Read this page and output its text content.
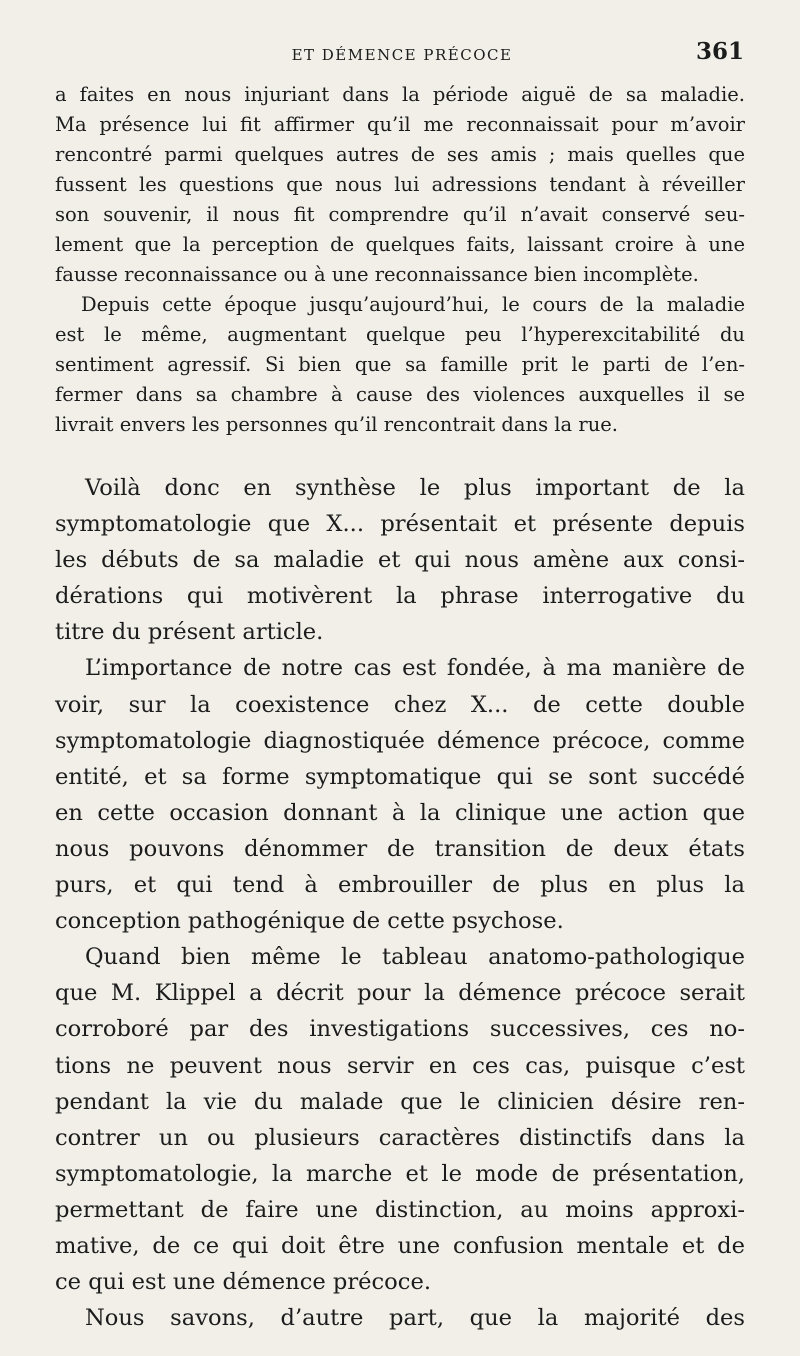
ET DÉMENCE PRÉCOCE	361

a faites en nous injuriant dans la période aiguë de sa maladie.

Ma présence lui fit affirmer qu’il me reconnaissait pour m’avoir

rencontré parmi quelques autres de ses amis ; mais quelles que

fussent les questions que nous lui adressions tendant à réveiller

son souvenir, il nous fit comprendre qu’il n’avait conservé seu-

lement que la perception de quelques faits, laissant croire à une

fausse reconnaissance ou à une reconnaissance bien incomplète.

Depuis cette époque jusqu’aujourd’hui, le cours de la maladie

est le même, augmentant quelque peu l’hyperexcitabilité du

sentiment agressif. Si bien que sa famille prit le parti de l’en-

fermer dans sa chambre à cause des violences auxquelles il se

livrait envers les personnes qu’il rencontrait dans la rue.

Voilà donc en synthèse le plus important de la

symptomatologie que X... présentait et présente depuis

les débuts de sa maladie et qui nous amène aux consi-

dérations qui motivèrent la phrase interrogative du

titre du présent article.

L’importance de notre cas est fondée, à ma manière de

voir, sur la coexistence chez X... de cette double

symptomatologie diagnostiquée démence précoce, comme

entité, et sa forme symptomatique qui se sont succédé

en cette occasion donnant à la clinique une action que

nous pouvons dénommer de transition de deux états

purs, et qui tend à embrouiller de plus en plus la

conception pathogénique de cette psychose.

Quand bien même le tableau anatomo-pathologique

que M. Klippel a décrit pour la démence précoce serait

corroboré par des investigations successives, ces no-

tions ne peuvent nous servir en ces cas, puisque c’est

pendant la vie du malade que le clinicien désire ren-

contrer un ou plusieurs caractères distinctifs dans la

symptomatologie, la marche et le mode de présentation,

permettant de faire une distinction, au moins approxi-

mative, de ce qui doit être une confusion mentale et de

ce qui est une démence précoce.

Nous savons, d’autre part, que la majorité des
